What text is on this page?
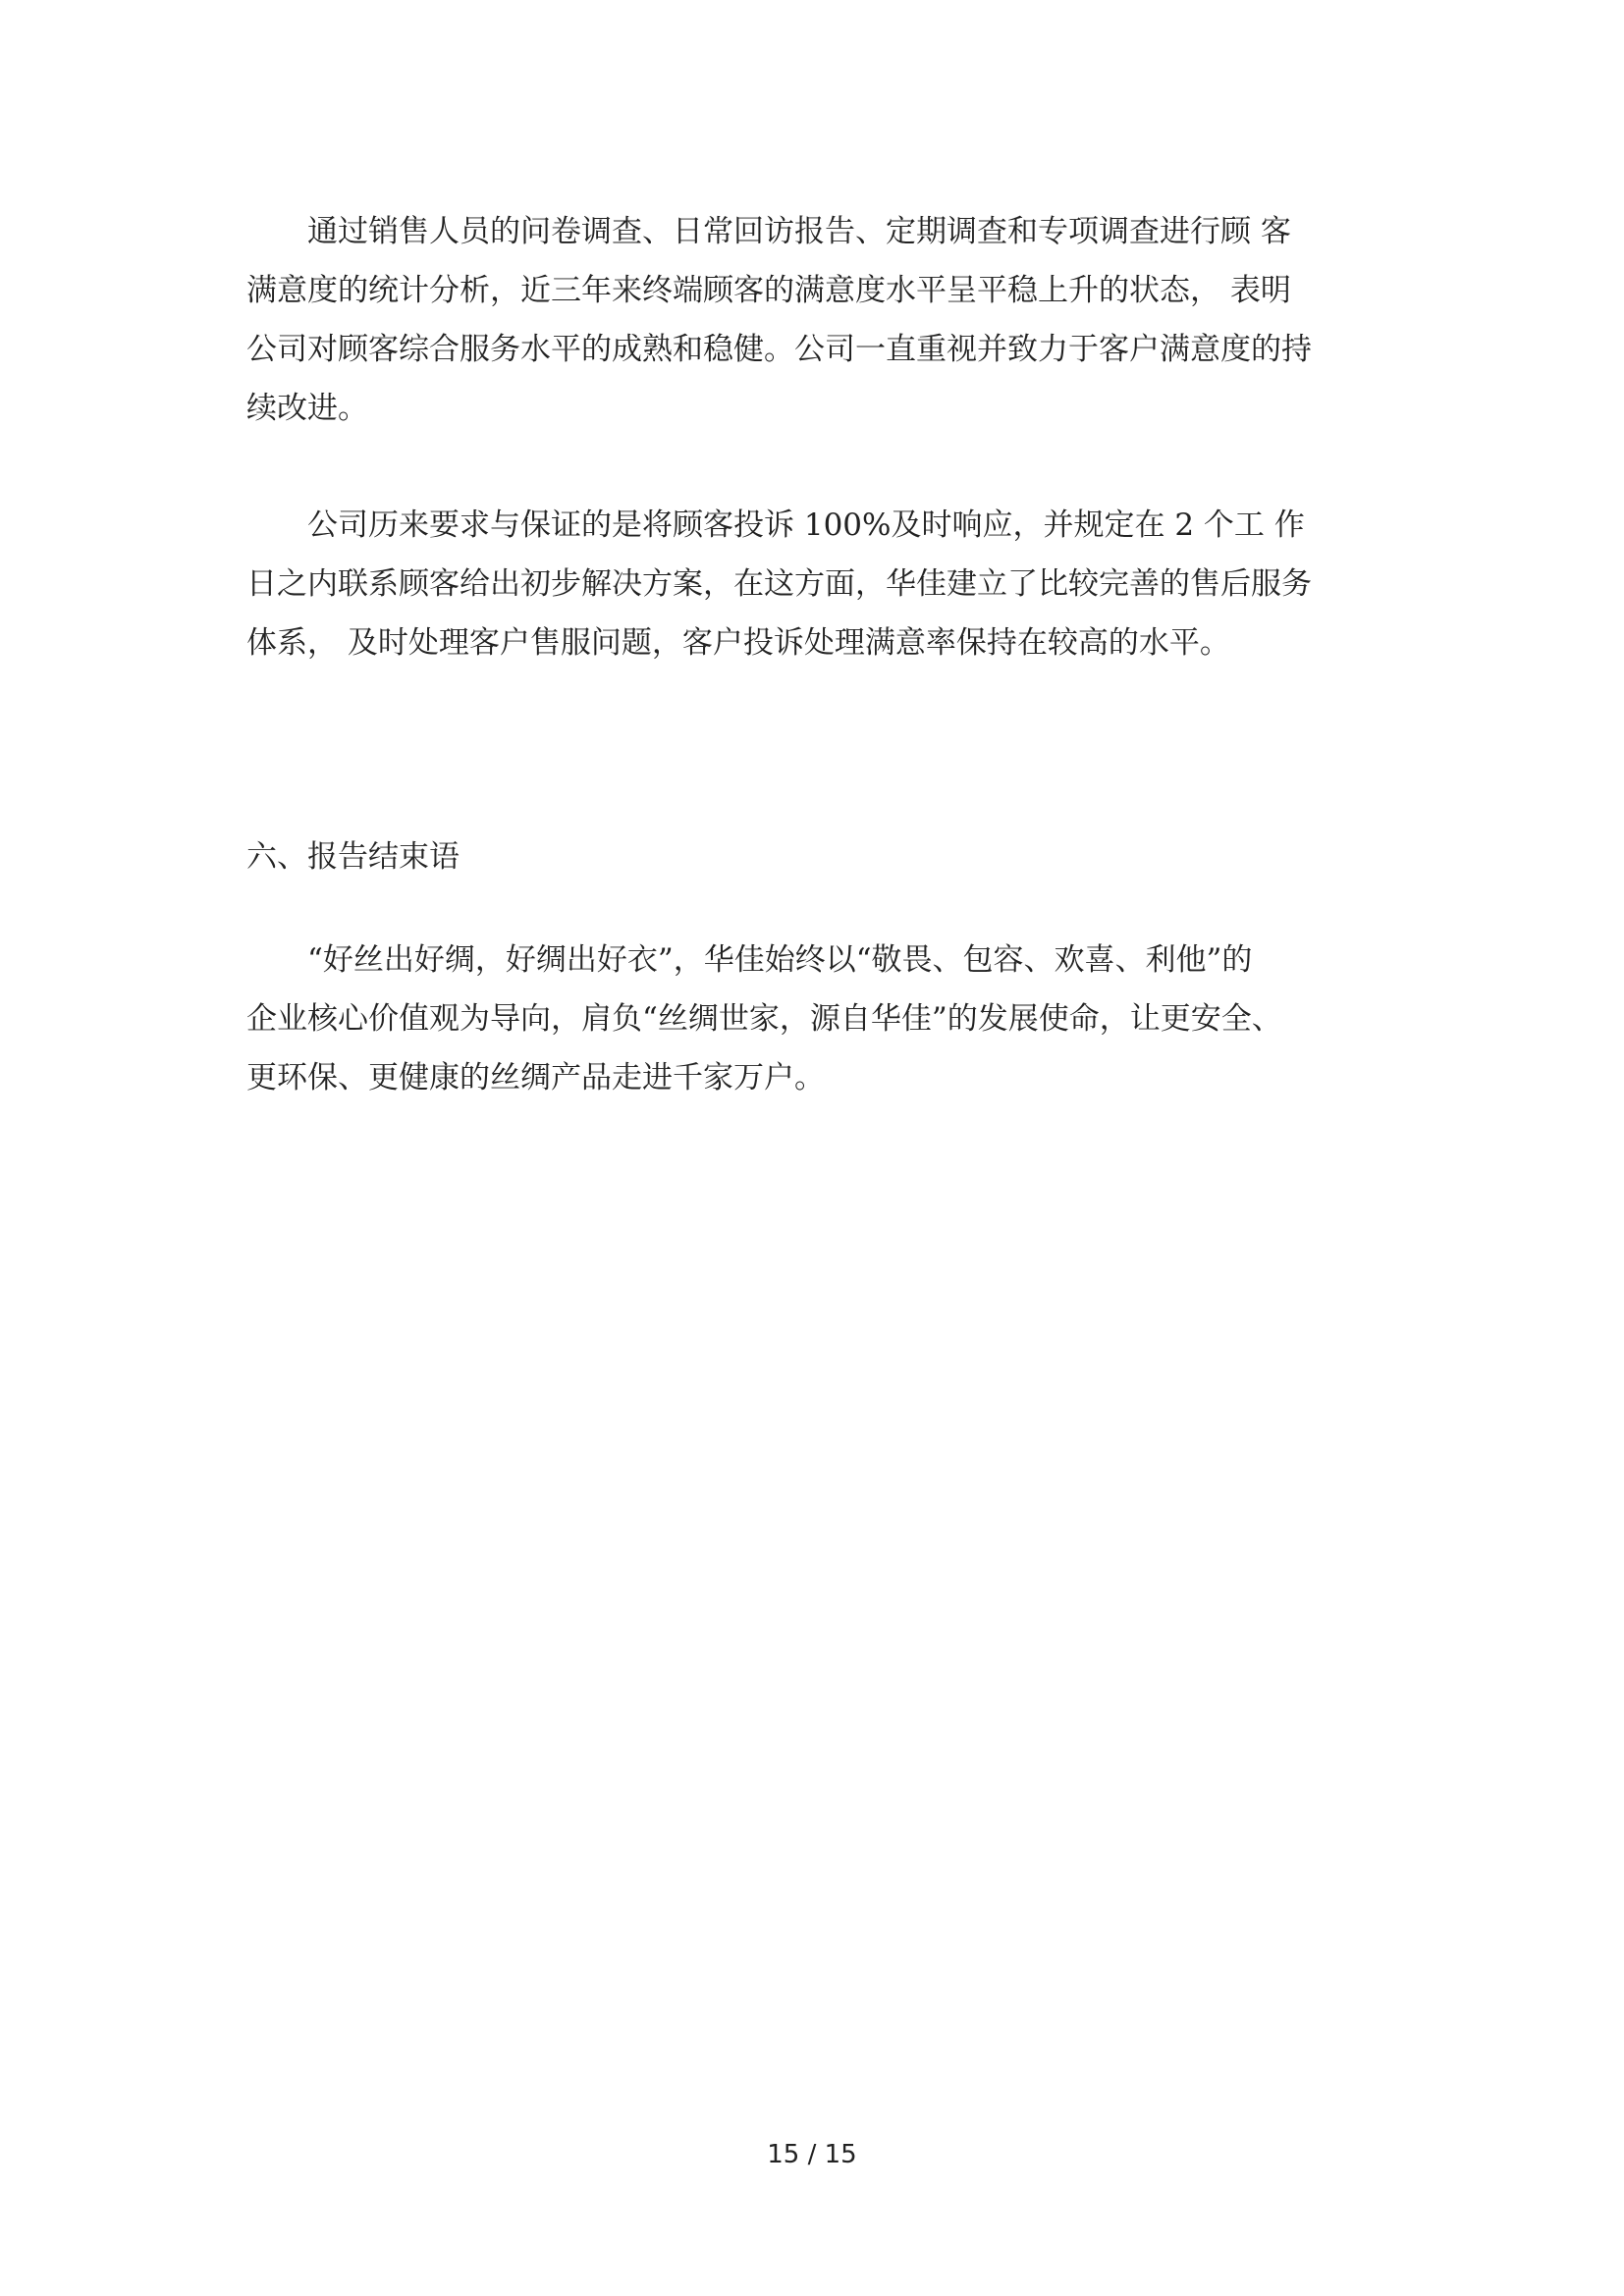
　　通过销售人员的问卷调查、日常回访报告、定期调查和专项调查进行顾 客
满意度的统计分析，近三年来终端顾客的满意度水平呈平稳上升的状态， 表明
公司对顾客综合服务水平的成熟和稳健。公司一直重视并致力于客户满意度的持
续改进。

　　公司历来要求与保证的是将顾客投诉 100%及时响应，并规定在 2 个工 作
日之内联系顾客给出初步解决方案，在这方面，华佳建立了比较完善的售后服务
体系， 及时处理客户售服问题，客户投诉处理满意率保持在较高的水平。

六、报告结束语

　　“好丝出好绸，好绸出好衣”，华佳始终以“敬畏、包容、欢喜、利他”的
企业核心价值观为导向，肩负“丝绸世家，源自华佳”的发展使命，让更安全、
更环保、更健康的丝绸产品走进千家万户。

15 / 15
